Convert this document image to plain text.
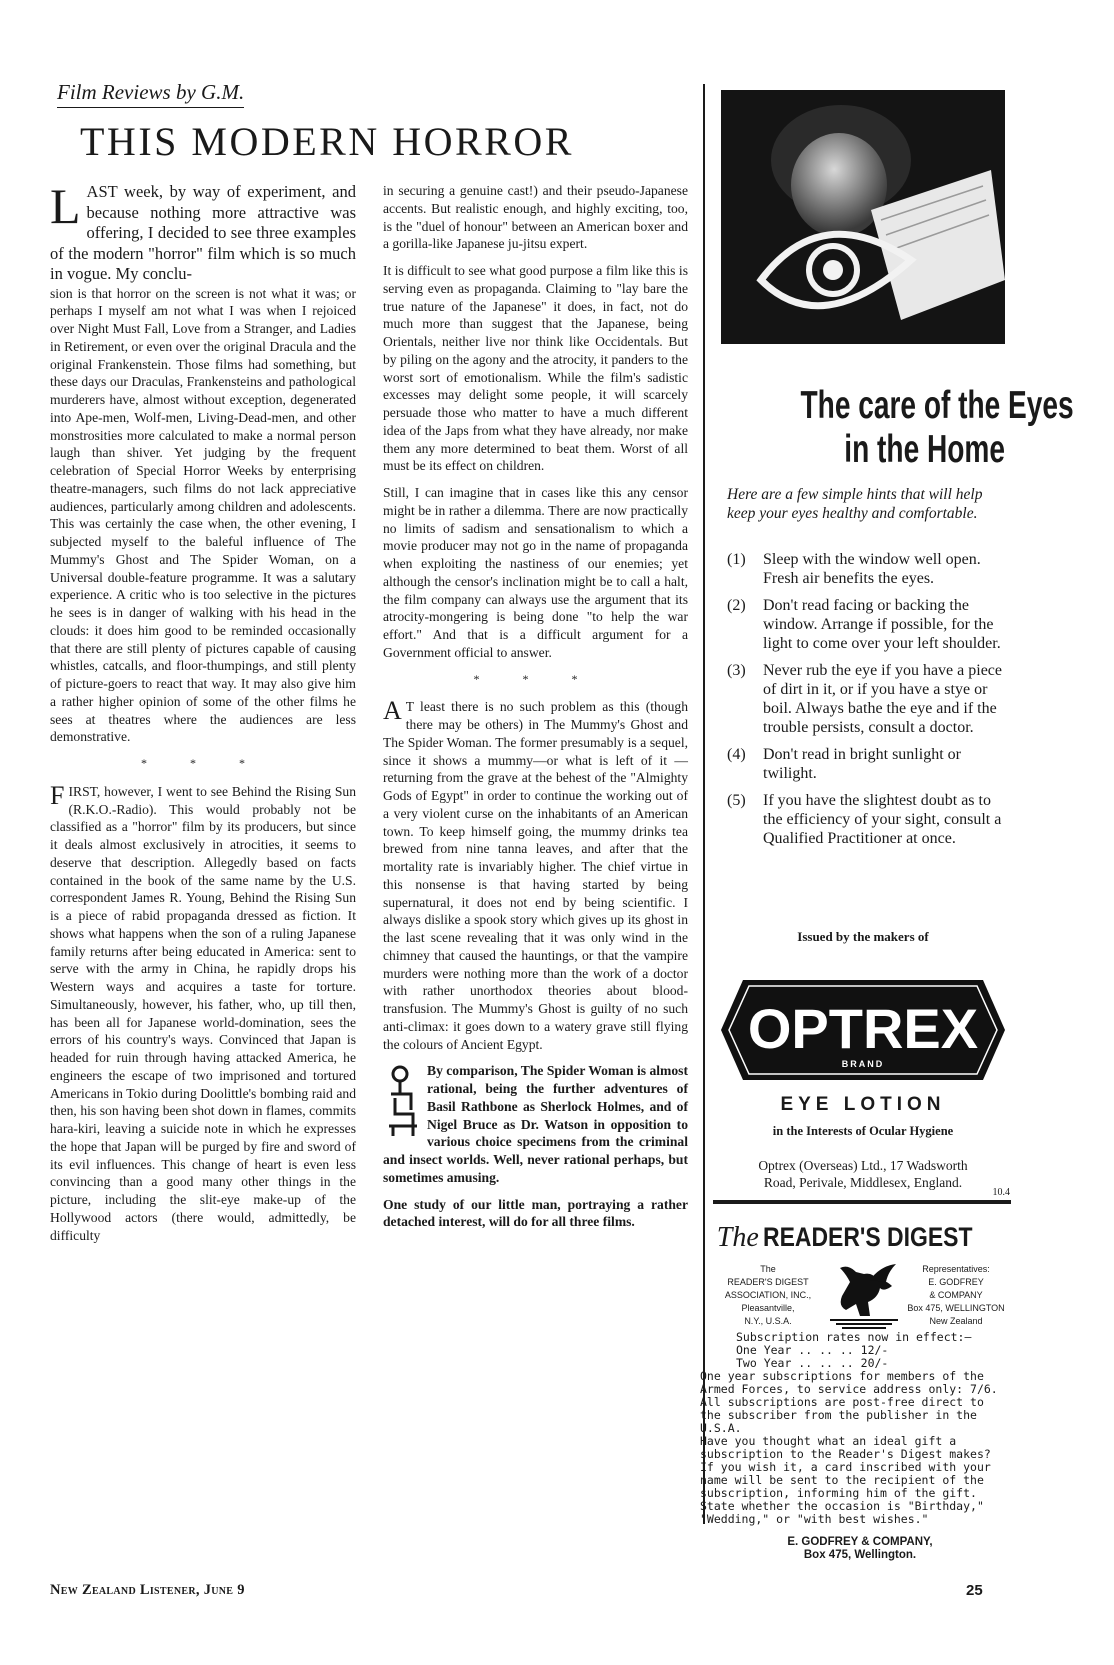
Film Reviews by G.M.
THIS MODERN HORROR

LAST week, by way of experiment, and because nothing more attractive was offering, I decided to see three examples of the modern "horror" film which is so much in vogue. My conclu-

sion is that horror on the screen is not what it was; or perhaps I myself am not what I was when I rejoiced over Night Must Fall, Love from a Stranger, and Ladies in Retirement, or even over the original Dracula and the original Frankenstein. Those films had something, but these days our Draculas, Frankensteins and pathological murderers have, almost without exception, degenerated into Ape-men, Wolf-men, Living-Dead-men, and other monstrosities more calculated to make a normal person laugh than shiver. Yet judging by the frequent celebration of Special Horror Weeks by enterprising theatre-managers, such films do not lack appreciative audiences, particularly among children and adolescents. This was certainly the case when, the other evening, I subjected myself to the baleful influence of The Mummy's Ghost and The Spider Woman, on a Universal double-feature programme. It was a salutary experience. A critic who is too selective in the pictures he sees is in danger of walking with his head in the clouds: it does him good to be reminded occasionally that there are still plenty of pictures capable of causing whistles, catcalls, and floor-thumpings, and still plenty of picture-goers to react that way. It may also give him a rather higher opinion of some of the other films he sees at theatres where the audiences are less demonstrative.

* * *

FIRST, however, I went to see Behind the Rising Sun (R.K.O.-Radio). This would probably not be classified as a "horror" film by its producers, but since it deals almost exclusively in atrocities, it seems to deserve that description. Allegedly based on facts contained in the book of the same name by the U.S. correspondent James R. Young, Behind the Rising Sun is a piece of rabid propaganda dressed as fiction. It shows what happens when the son of a ruling Japanese family returns after being educated in America: sent to serve with the army in China, he rapidly drops his Western ways and acquires a taste for torture. Simultaneously, however, his father, who, up till then, has been all for Japanese world-domination, sees the errors of his country's ways. Convinced that Japan is headed for ruin through having attacked America, he engineers the escape of two imprisoned and tortured Americans in Tokio during Doolittle's bombing raid and then, his son having been shot down in flames, commits hara-kiri, leaving a suicide note in which he expresses the hope that Japan will be purged by fire and sword of its evil influences. This change of heart is even less convincing than a good many other things in the picture, including the slit-eye make-up of the Hollywood actors (there would, admittedly, be difficulty

in securing a genuine cast!) and their pseudo-Japanese accents. But realistic enough, and highly exciting, too, is the "duel of honour" between an American boxer and a gorilla-like Japanese ju-jitsu expert.

It is difficult to see what good purpose a film like this is serving even as propaganda. Claiming to "lay bare the true nature of the Japanese" it does, in fact, not do much more than suggest that the Japanese, being Orientals, neither live nor think like Occidentals. But by piling on the agony and the atrocity, it panders to the worst sort of emotionalism. While the film's sadistic excesses may delight some people, it will scarcely persuade those who matter to have a much different idea of the Japs from what they have already, nor make them any more determined to beat them. Worst of all must be its effect on children.

Still, I can imagine that in cases like this any censor might be in rather a dilemma. There are now practically no limits of sadism and sensationalism to which a movie producer may not go in the name of propaganda when exploiting the nastiness of our enemies; yet although the censor's inclination might be to call a halt, the film company can always use the argument that its atrocity-mongering is being done "to help the war effort." And that is a difficult argument for a Government official to answer.

* * *

A T least there is no such problem as this (though there may be others) in The Mummy's Ghost and The Spider Woman. The former presumably is a sequel, since it shows a mummy—or what is left of it — returning from the grave at the behest of the "Almighty Gods of Egypt" in order to continue the working out of a very violent curse on the inhabitants of an American town. To keep himself going, the mummy drinks tea brewed from nine tanna leaves, and after that the mortality rate is invariably higher. The chief virtue in this nonsense is that having started by being supernatural, it does not end by being scientific. I always dislike a spook story which gives up its ghost in the last scene revealing that it was only wind in the chimney that caused the hauntings, or that the vampire murders were nothing more than the work of a doctor with rather unorthodox theories about blood-transfusion. The Mummy's Ghost is guilty of no such anti-climax: it goes down to a watery grave still flying the colours of Ancient Egypt.

By comparison, The Spider Woman is almost rational, being the further adventures of Basil Rathbone as Sherlock Holmes, and of Nigel Bruce as Dr. Watson in opposition to various choice specimens from the criminal and insect worlds. Well, never rational perhaps, but sometimes amusing.

One study of our little man, portraying a rather detached interest, will do for all three films.

The care of the Eyes
in the Home
Here are a few simple hints that will help keep your eyes healthy and comfortable.
(1) Sleep with the window well open. Fresh air benefits the eyes.
(2) Don't read facing or backing the window. Arrange if possible, for the light to come over your left shoulder.
(3) Never rub the eye if you have a piece of dirt in it, or if you have a stye or boil. Always bathe the eye and if the trouble persists, consult a doctor.
(4) Don't read in bright sunlight or twilight.
(5) If you have the slightest doubt as to the efficiency of your sight, consult a Qualified Practitioner at once.
Issued by the makers of
OPTREX
BRAND
EYE LOTION
in the Interests of Ocular Hygiene
Optrex (Overseas) Ltd., 17 Wadsworth
Road, Perivale, Middlesex, England.
10.4
The READER'S DIGEST
The
READER'S DIGEST
ASSOCIATION, INC.,
Pleasantville,
N.Y., U.S.A.
Representatives:
E. GODFREY
& COMPANY
Box 475, WELLINGTON
New Zealand
Subscription rates now in effect:—
One Year .. .. .. 12/-
Two Year .. .. .. 20/-
One year subscriptions for members of the Armed Forces, to service address only: 7/6.
All subscriptions are post-free direct to the subscriber from the publisher in the U.S.A.
Have you thought what an ideal gift a subscription to the Reader's Digest makes? If you wish it, a card inscribed with your name will be sent to the recipient of the subscription, informing him of the gift. State whether the occasion is "Birthday," "Wedding," or "with best wishes."
E. GODFREY & COMPANY,
Box 475, Wellington.
New Zealand Listener, June 9	25
